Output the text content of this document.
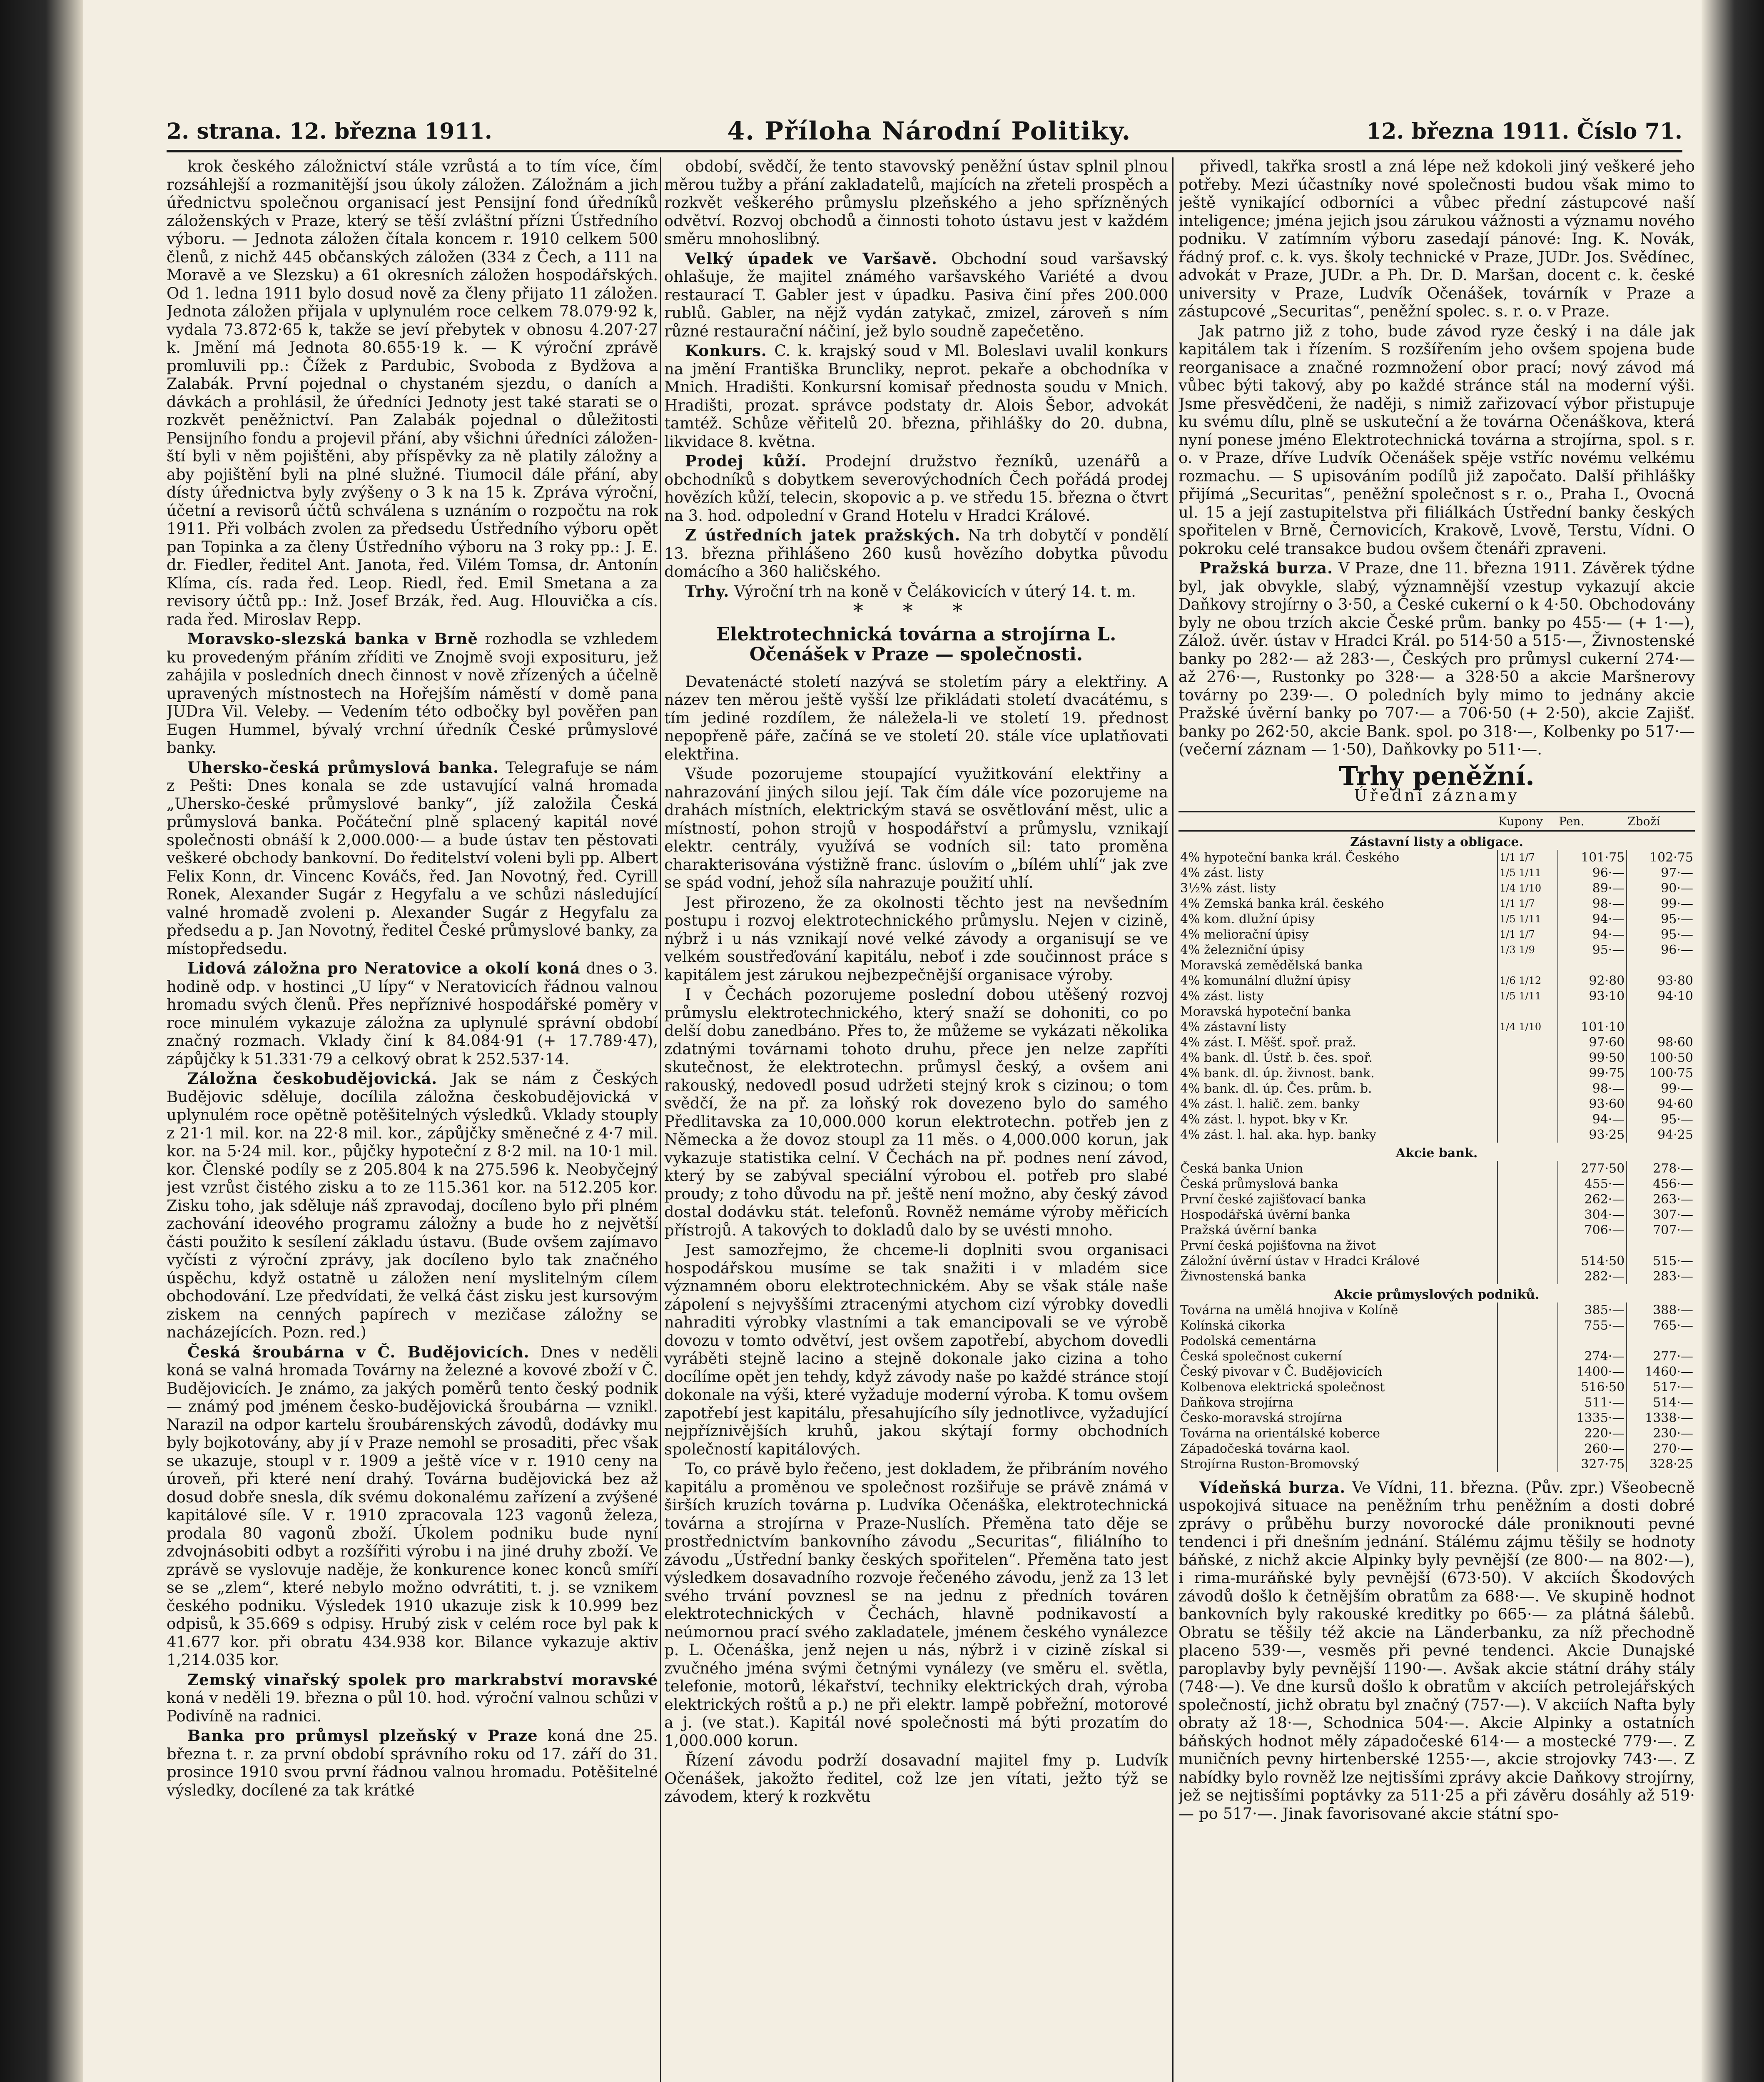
2. strana. 12. března 1911.	4. Příloha Národní Politiky.	12. března 1911. Číslo 71.

krok českého záložnictví stále vzrůstá a to tím více, čím rozsáhlejší a rozmanitější jsou úkoly záložen. Záložnám a jich úřednictvu společnou organisací jest Pensijní fond úředníků záloženských v Praze, který se těší zvláštní přízni Ústředního výboru. — Jednota záložen čítala koncem r. 1910 celkem 500 členů, z nichž 445 občanských záložen (334 z Čech, a 111 na Moravě a ve Slezsku) a 61 okresních záložen hospodářských. Od 1. ledna 1911 bylo dosud nově za členy přijato 11 záložen. Jednota záložen přijala v uplynulém roce celkem 78.079·92 k, vydala 73.872·65 k, takže se jeví přebytek v obnosu 4.207·27 k. Jmění má Jednota 80.655·19 k. — K výroční zprávě promluvili pp.: Čížek z Pardubic, Svoboda z Bydžova a Zalabák. První pojednal o chystaném sjezdu, o daních a dávkách a prohlásil, že úředníci Jednoty jest také starati se o rozkvět peněžnictví. Pan Zalabák pojednal o důležitosti Pensijního fondu a projevil přání, aby všichni úředníci záloženští byli v něm pojištěni, aby příspěvky za ně platily záložny a aby pojištění byli na plné služné. Tiumocil dále přání, aby dísty úřednictva byly zvýšeny o 3 k na 15 k. Zpráva výroční, účetní a revisorů účtů schválena s uznáním o rozpočtu na rok 1911. Při volbách zvolen za předsedu Ústředního výboru opět pan Topinka a za členy Ústředního výboru na 3 roky pp.: J. E. dr. Fiedler, ředitel Ant. Janota, řed. Vilém Tomsa, dr. Antonín Klíma, cís. rada řed. Leop. Riedl, řed. Emil Smetana a za revisory účtů pp.: Inž. Josef Brzák, řed. Aug. Hlouvička a cís. rada řed. Miroslav Repp.

Moravsko-slezská banka v Brně rozhodla se vzhledem ku provedeným přáním zříditi ve Znojmě svoji exposituru, jež zahájila v posledních dnech činnost v nově zřízených a účelně upravených místnostech na Hořejším náměstí v domě pana JUDra Vil. Veleby. — Vedením této odbočky byl pověřen pan Eugen Hummel, bývalý vrchní úředník České průmyslové banky.

Uhersko-česká průmyslová banka. Telegrafuje se nám z Pešti: Dnes konala se zde ustavující valná hromada „Uhersko-české průmyslové banky“, jíž založila Česká průmyslová banka. Počáteční plně splacený kapitál nové společnosti obnáší k 2,000.000·— a bude ústav ten pěstovati veškeré obchody bankovní. Do ředitelství voleni byli pp. Albert Felix Konn, dr. Vincenc Kováčs, řed. Jan Novotný, řed. Cyrill Ronek, Alexander Sugár z Hegyfalu a ve schůzi následující valné hromadě zvoleni p. Alexander Sugár z Hegyfalu za předsedu a p. Jan Novotný, ředitel České průmyslové banky, za místopředsedu.

Lidová záložna pro Neratovice a okolí koná dnes o 3. hodině odp. v hostinci „U lípy“ v Neratovicích řádnou valnou hromadu svých členů. Přes nepříznivé hospodářské poměry v roce minulém vykazuje záložna za uplynulé správní období značný rozmach. Vklady činí k 84.084·91 (+ 17.789·47), zápůjčky k 51.331·79 a celkový obrat k 252.537·14.

Záložna českobudějovická. Jak se nám z Českých Budějovic sděluje, docílila záložna českobudějovická v uplynulém roce opětně potěšitelných výsledků. Vklady stouply z 21·1 mil. kor. na 22·8 mil. kor., zápůjčky směnečné z 4·7 mil. kor. na 5·24 mil. kor., půjčky hypoteční z 8·2 mil. na 10·1 mil. kor. Členské podíly se z 205.804 k na 275.596 k. Neobyčejný jest vzrůst čistého zisku a to ze 115.361 kor. na 512.205 kor. Zisku toho, jak sděluje náš zpravodaj, docíleno bylo při plném zachování ideového programu záložny a bude ho z největší části použito k sesílení základu ústavu. (Bude ovšem zajímavo vyčísti z výroční zprávy, jak docíleno bylo tak značného úspěchu, když ostatně u záložen není myslitelným cílem obchodování. Lze předvídati, že velká část zisku jest kursovým ziskem na cenných papírech v mezičase záložny se nacházejících. Pozn. red.)

Česká šroubárna v Č. Budějovicích. Dnes v neděli koná se valná hromada Továrny na železné a kovové zboží v Č. Budějovicích. Je známo, za jakých poměrů tento český podnik — známý pod jménem česko-budějovická šroubárna — vznikl. Narazil na odpor kartelu šroubárenských závodů, dodávky mu byly bojkotovány, aby jí v Praze nemohl se prosaditi, přec však se ukazuje, stoupl v r. 1909 a ještě více v r. 1910 ceny na úroveň, při které není drahý. Továrna budějovická bez až dosud dobře snesla, dík svému dokonalému zařízení a zvýšené kapitálové síle. V r. 1910 zpracovala 123 vagonů železa, prodala 80 vagonů zboží. Úkolem podniku bude nyní zdvojnásobiti odbyt a rozšířiti výrobu i na jiné druhy zboží. Ve zprávě se vyslovuje naděje, že konkurence konec konců smíří se se „zlem“, které nebylo možno odvrátiti, t. j. se vznikem českého podniku. Výsledek 1910 ukazuje zisk k 10.999 bez odpisů, k 35.669 s odpisy. Hrubý zisk v celém roce byl pak k 41.677 kor. při obratu 434.938 kor. Bilance vykazuje aktiv 1,214.035 kor.

Zemský vinařský spolek pro markrabství moravské koná v neděli 19. března o půl 10. hod. výroční valnou schůzi v Podivíně na radnici.

Banka pro průmysl plzeňský v Praze koná dne 25. března t. r. za první období správního roku od 17. září do 31. prosince 1910 svou první řádnou valnou hromadu. Potěšitelné výsledky, docílené za tak krátké

období, svědčí, že tento stavovský peněžní ústav splnil plnou měrou tužby a přání zakladatelů, majících na zřeteli prospěch a rozkvět veškerého průmyslu plzeňského a jeho spřízněných odvětví. Rozvoj obchodů a činnosti tohoto ústavu jest v každém směru mnohoslibný.

Velký úpadek ve Varšavě. Obchodní soud varšavský ohlašuje, že majitel známého varšavského Variété a dvou restaurací T. Gabler jest v úpadku. Pasiva činí přes 200.000 rublů. Gabler, na nějž vydán zatykač, zmizel, zároveň s ním různé restaurační náčiní, jež bylo soudně zapečetěno.

Konkurs. C. k. krajský soud v Ml. Boleslavi uvalil konkurs na jmění Františka Bruncliky, neprot. pekaře a obchodníka v Mnich. Hradišti. Konkursní komisař přednosta soudu v Mnich. Hradišti, prozat. správce podstaty dr. Alois Šebor, advokát tamtéž. Schůze věřitelů 20. března, přihlášky do 20. dubna, likvidace 8. května.

Prodej kůží. Prodejní družstvo řezníků, uzenářů a obchodníků s dobytkem severovýchodních Čech pořádá prodej hovězích kůží, telecin, skopovic a p. ve středu 15. března o čtvrt na 3. hod. odpolední v Grand Hotelu v Hradci Králové.

Z ústředních jatek pražských. Na trh dobytčí v pondělí 13. března přihlášeno 260 kusů hovězího dobytka původu domácího a 360 haličského.

Trhy. Výroční trh na koně v Čelákovicích v úterý 14. t. m.

* * *
Elektrotechnická továrna a strojírna L. Očenášek v Praze — společnosti.

Devatenácté století nazývá se stoletím páry a elektřiny. A název ten měrou ještě vyšší lze přikládati století dvacátému, s tím jediné rozdílem, že náležela-li ve století 19. přednost nepopřeně páře, začíná se ve století 20. stále více uplatňovati elektřina.

Všude pozorujeme stoupající využitkování elektřiny a nahrazování jiných silou její. Tak čím dále více pozorujeme na drahách místních, elektrickým stavá se osvětlování měst, ulic a místností, pohon strojů v hospodářství a průmyslu, vznikají elektr. centrály, využívá se vodních sil: tato proměna charakterisována výstižně franc. úslovím o „bílém uhlí“ jak zve se spád vodní, jehož síla nahrazuje použití uhlí.

Jest přirozeno, že za okolnosti těchto jest na nevšedním postupu i rozvoj elektrotechnického průmyslu. Nejen v cizině, nýbrž i u nás vznikají nové velké závody a organisují se ve velkém soustřeďování kapitálu, neboť i zde součinnost práce s kapitálem jest zárukou nejbezpečnější organisace výroby.

I v Čechách pozorujeme poslední dobou utěšený rozvoj průmyslu elektrotechnického, který snaží se dohoniti, co po delší dobu zanedbáno. Přes to, že můžeme se vykázati několika zdatnými továrnami tohoto druhu, přece jen nelze zapříti skutečnost, že elektrotechn. průmysl český, a ovšem ani rakouský, nedovedl posud udržeti stejný krok s cizinou; o tom svědčí, že na př. za loňský rok dovezeno bylo do samého Předlitavska za 10,000.000 korun elektrotechn. potřeb jen z Německa a že dovoz stoupl za 11 měs. o 4,000.000 korun, jak vykazuje statistika celní. V Čechách na př. podnes není závod, který by se zabýval speciální výrobou el. potřeb pro slabé proudy; z toho důvodu na př. ještě není možno, aby český závod dostal dodávku stát. telefonů. Rovněž nemáme výroby měřicích přístrojů. A takových to dokladů dalo by se uvésti mnoho.

Jest samozřejmo, že chceme-li doplniti svou organisaci hospodářskou musíme se tak snažiti i v mladém sice významném oboru elektrotechnickém. Aby se však stále naše zápolení s nejvyššími ztracenými atychom cizí výrobky dovedli nahraditi výrobky vlastními a tak emancipovali se ve výrobě dovozu v tomto odvětví, jest ovšem zapotřebí, abychom dovedli vyráběti stejně lacino a stejně dokonale jako cizina a toho docílíme opět jen tehdy, když závody naše po každé stránce stojí dokonale na výši, které vyžaduje moderní výroba. K tomu ovšem zapotřebí jest kapitálu, přesahujícího síly jednotlivce, vyžadující nejpříznivějších kruhů, jakou skýtají formy obchodních společností kapitálových.

To, co právě bylo řečeno, jest dokladem, že přibráním nového kapitálu a proměnou ve společnost rozšiřuje se právě známá v širších kruzích továrna p. Ludvíka Očenáška, elektrotechnická továrna a strojírna v Praze-Nuslích. Přeměna tato děje se prostřednictvím bankovního závodu „Securitas“, filiálního to závodu „Ústřední banky českých spořitelen“. Přeměna tato jest výsledkem dosavadního rozvoje řečeného závodu, jenž za 13 let svého trvání povznesl se na jednu z předních továren elektrotechnických v Čechách, hlavně podnikavostí a neúmornou prací svého zakladatele, jménem českého vynálezce p. L. Očenáška, jenž nejen u nás, nýbrž i v cizině získal si zvučného jména svými četnými vynálezy (ve směru el. světla, telefonie, motorů, lékařství, techniky elektrických drah, výroba elektrických roštů a p.) ne při elektr. lampě pobřežní, motorové a j. (ve stat.). Kapitál nové společnosti má býti prozatím do 1,000.000 korun.

Řízení závodu podrží dosavadní majitel fmy p. Ludvík Očenášek, jakožto ředitel, což lze jen vítati, ježto týž se závodem, který k rozkvětu

přivedl, takřka srostl a zná lépe než kdokoli jiný veškeré jeho potřeby. Mezi účastníky nové společnosti budou však mimo to ještě vynikající odborníci a vůbec přední zástupcové naší inteligence; jména jejich jsou zárukou vážnosti a významu nového podniku. V zatímním výboru zasedají pánové: Ing. K. Novák, řádný prof. c. k. vys. školy technické v Praze, JUDr. Jos. Svědínec, advokát v Praze, JUDr. a Ph. Dr. D. Maršan, docent c. k. české university v Praze, Ludvík Očenášek, továrník v Praze a zástupcové „Securitas“, peněžní spolec. s. r. o. v Praze.

Jak patrno již z toho, bude závod ryze český i na dále jak kapitálem tak i řízením. S rozšířením jeho ovšem spojena bude reorganisace a značné rozmnožení obor prací; nový závod má vůbec býti takový, aby po každé stránce stál na moderní výši. Jsme přesvědčeni, že naději, s nimiž zařizovací výbor přistupuje ku svému dílu, plně se uskuteční a že továrna Očenáškova, která nyní ponese jméno Elektrotechnická továrna a strojírna, spol. s r. o. v Praze, dříve Ludvík Očenášek spěje vstříc novému velkému rozmachu. — S upisováním podílů již započato. Další přihlášky přijímá „Securitas“, peněžní společnost s r. o., Praha I., Ovocná ul. 15 a její zastupitelstva při filiálkách Ústřední banky českých spořitelen v Brně, Černovicích, Krakově, Lvově, Terstu, Vídni. O pokroku celé transakce budou ovšem čtenáři zpraveni.

Pražská burza. V Praze, dne 11. března 1911. Závěrek týdne byl, jak obvykle, slabý, významnější vzestup vykazují akcie Daňkovy strojírny o 3·50, a České cukerní o k 4·50. Obchodovány byly ne obou trzích akcie České prům. banky po 455·— (+ 1·—), Zálož. úvěr. ústav v Hradci Král. po 514·50 a 515·—, Živnostenské banky po 282·— až 283·—, Českých pro průmysl cukerní 274·— až 276·—, Rustonky po 328·— a 328·50 a akcie Maršnerovy továrny po 239·—. O poledních byly mimo to jednány akcie Pražské úvěrní banky po 707·— a 706·50 (+ 2·50), akcie Zajišť. banky po 262·50, akcie Bank. spol. po 318·—, Kolbenky po 517·— (večerní záznam — 1·50), Daňkovky po 511·—.

Trhy peněžní.
Úřední záznamy
	Kupony	Pen.	Zboží
Zástavní listy a obligace.			
4% hypoteční banka král. Českého	1/1 1/7	101·75	102·75
4% zást. listy	1/5 1/11	96·—	97·—
3½% zást. listy	1/4 1/10	89·—	90·—
4% Zemská banka král. českého	1/1 1/7	98·—	99·—
4% kom. dlužní úpisy	1/5 1/11	94·—	95·—
4% meliorační úpisy	1/1 1/7	94·—	95·—
4% železniční úpisy	1/3 1/9	95·—	96·—
Moravská zemědělská banka			
4% komunální dlužní úpisy	1/6 1/12	92·80	93·80
4% zást. listy	1/5 1/11	93·10	94·10
Moravská hypoteční banka			
4% zástavní listy	1/4 1/10	101·10	
4% zást. I. Měšť. spoř. praž.		97·60	98·60
4% bank. dl. Ústř. b. čes. spoř.		99·50	100·50
4% bank. dl. úp. živnost. bank.		99·75	100·75
4% bank. dl. úp. Čes. prům. b.		98·—	99·—
4% zást. l. halič. zem. banky		93·60	94·60
4% zást. l. hypot. bky v Kr.		94·—	95·—
4% zást. l. hal. aka. hyp. banky		93·25	94·25
Akcie bank.			
Česká banka Union		277·50	278·—
Česká průmyslová banka		455·—	456·—
První české zajišťovací banka		262·—	263·—
Hospodářská úvěrní banka		304·—	307·—
Pražská úvěrní banka		706·—	707·—
První česká pojišťovna na život			
Záložní úvěrní ústav v Hradci Králové		514·50	515·—
Živnostenská banka		282·—	283·—
Akcie průmyslových podniků.			
Továrna na umělá hnojiva v Kolíně		385·—	388·—
Kolínská cikorka		755·—	765·—
Podolská cementárna			
Česká společnost cukerní		274·—	277·—
Český pivovar v Č. Budějovicích		1400·—	1460·—
Kolbenova elektrická společnost		516·50	517·—
Daňkova strojírna		511·—	514·—
Česko-moravská strojírna		1335·—	1338·—
Továrna na orientálské koberce		220·—	230·—
Západočeská továrna kaol.		260·—	270·—
Strojírna Ruston-Bromovský		327·75	328·25

Vídeňská burza. Ve Vídni, 11. března. (Pův. zpr.) Všeobecně uspokojivá situace na peněžním trhu peněžním a dosti dobré zprávy o průběhu burzy novorocké dále proniknouti pevné tendenci i při dnešním jednání. Stálému zájmu těšily se hodnoty báňské, z nichž akcie Alpinky byly pevnější (ze 800·— na 802·—), i rima-muráňské byly pevnější (673·50). V akciích Škodových závodů došlo k četnějším obratům za 688·—. Ve skupině hodnot bankovních byly rakouské kreditky po 665·— za plátná šálebů. Obratu se těšily též akcie na Länderbanku, za níž přechodně placeno 539·—, vesměs při pevné tendenci. Akcie Dunajské paroplavby byly pevnější 1190·—. Avšak akcie státní dráhy stály (748·—). Ve dne kursů došlo k obratům v akciích petrolejářských společností, jichž obratu byl značný (757·—). V akciích Nafta byly obraty až 18·—, Schodnica 504·—. Akcie Alpinky a ostatních báňských hodnot měly západočeské 614·— a mostecké 779·—. Z muničních pevny hirtenberské 1255·—, akcie strojovky 743·—. Z nabídky bylo rovněž lze nejtisšími zprávy akcie Daňkovy strojírny, jež se nejtisšími poptávky za 511·25 a při závěru dosáhly až 519·— po 517·—. Jinak favorisované akcie státní spo-
